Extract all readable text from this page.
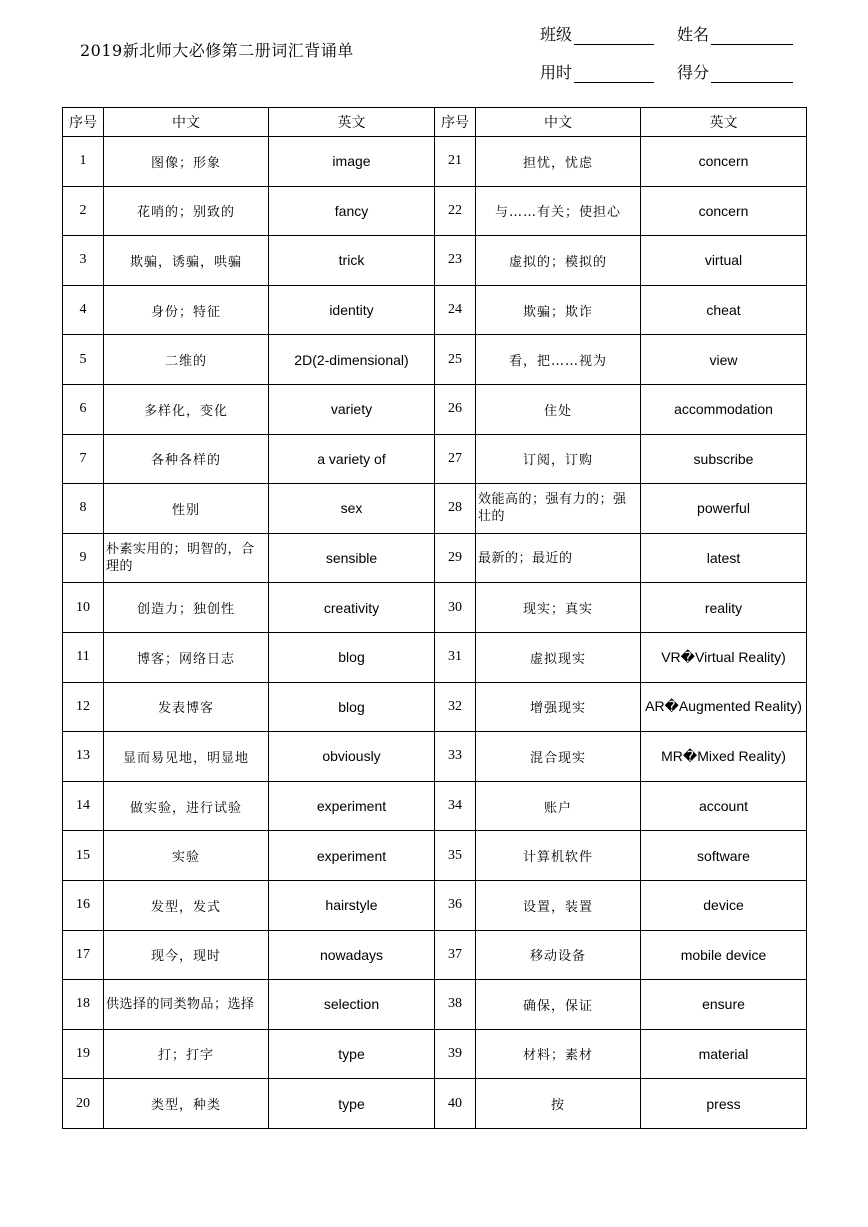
2019新北师大必修第二册词汇背诵单
班级	姓名
用时	得分
序号	中文	英文	序号	中文	英文
1	图像；形象	image	21	担忧，忧虑	concern
2	花哨的；别致的	fancy	22	与……有关；使担心	concern
3	欺骗，诱骗，哄骗	trick	23	虚拟的；模拟的	virtual
4	身份；特征	identity	24	欺骗；欺诈	cheat
5	二维的	2D(2-dimensional)	25	看，把……视为	view
6	多样化，变化	variety	26	住处	accommodation
7	各种各样的	a variety of	27	订阅，订购	subscribe
8	性别	sex	28	效能高的；强有力的；强壮的	powerful
9	朴素实用的；明智的，合理的	sensible	29	最新的；最近的	latest
10	创造力；独创性	creativity	30	现实；真实	reality
11	博客；网络日志	blog	31	虚拟现实	VR�Virtual Reality)
12	发表博客	blog	32	增强现实	AR�Augmented Reality)
13	显而易见地，明显地	obviously	33	混合现实	MR�Mixed Reality)
14	做实验，进行试验	experiment	34	账户	account
15	实验	experiment	35	计算机软件	software
16	发型，发式	hairstyle	36	设置，装置	device
17	现今，现时	nowadays	37	移动设备	mobile device
18	供选择的同类物品；选择	selection	38	确保，保证	ensure
19	打；打字	type	39	材料；素材	material
20	类型，种类	type	40	按	press
